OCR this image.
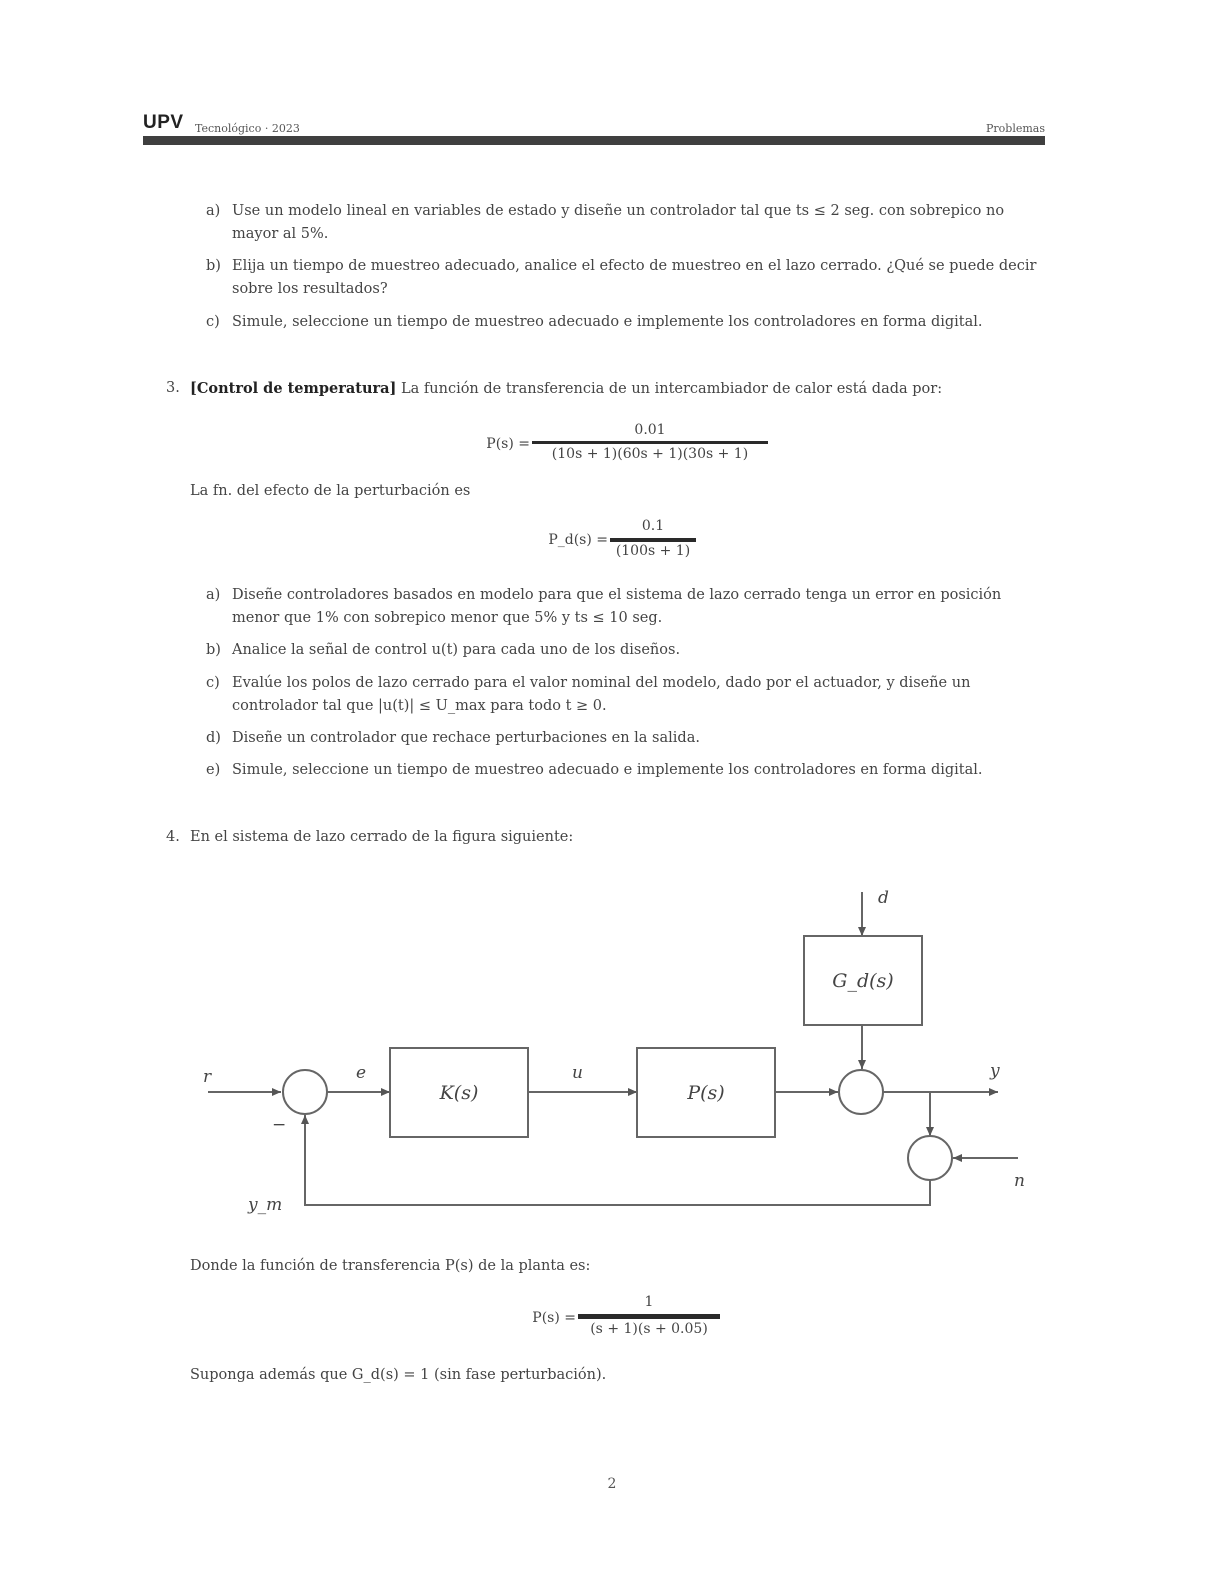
UPV Tecnológico · 2023	Problemas
a) Use un modelo lineal en variables de estado y diseñe un controlador tal que ts ≤ 2 seg. con sobrepico no mayor al 5%.
b) Elija un tiempo de muestreo adecuado, analice el efecto de muestreo en el lazo cerrado. ¿Qué se puede decir sobre los resultados?
c) Simule, seleccione un tiempo de muestreo adecuado e implemente los controladores en forma digital.
3. [Control de temperatura] La función de transferencia de un intercambiador de calor está dada por:
P(s) =
0.01
(10s + 1)(60s + 1)(30s + 1)
La fn. del efecto de la perturbación es
P_d(s) =
0.1
(100s + 1)
a) Diseñe controladores basados en modelo para que el sistema de lazo cerrado tenga un error en posición menor que 1% con sobrepico menor que 5% y ts ≤ 10 seg.
b) Analice la señal de control u(t) para cada uno de los diseños.
c) Evalúe los polos de lazo cerrado para el valor nominal del modelo, dado por el actuador, y diseñe un controlador tal que |u(t)| ≤ U_max para todo t ≥ 0.
d) Diseñe un controlador que rechace perturbaciones en la salida.
e) Simule, seleccione un tiempo de muestreo adecuado e implemente los controladores en forma digital.
4. En el sistema de lazo cerrado de la figura siguiente:
r	e	u	y
d
n
y_m
−
K(s)	P(s)
G_d(s)
Donde la función de transferencia P(s) de la planta es:
P(s) =
1
(s + 1)(s + 0.05)
Suponga además que G_d(s) = 1 (sin fase perturbación).
2
